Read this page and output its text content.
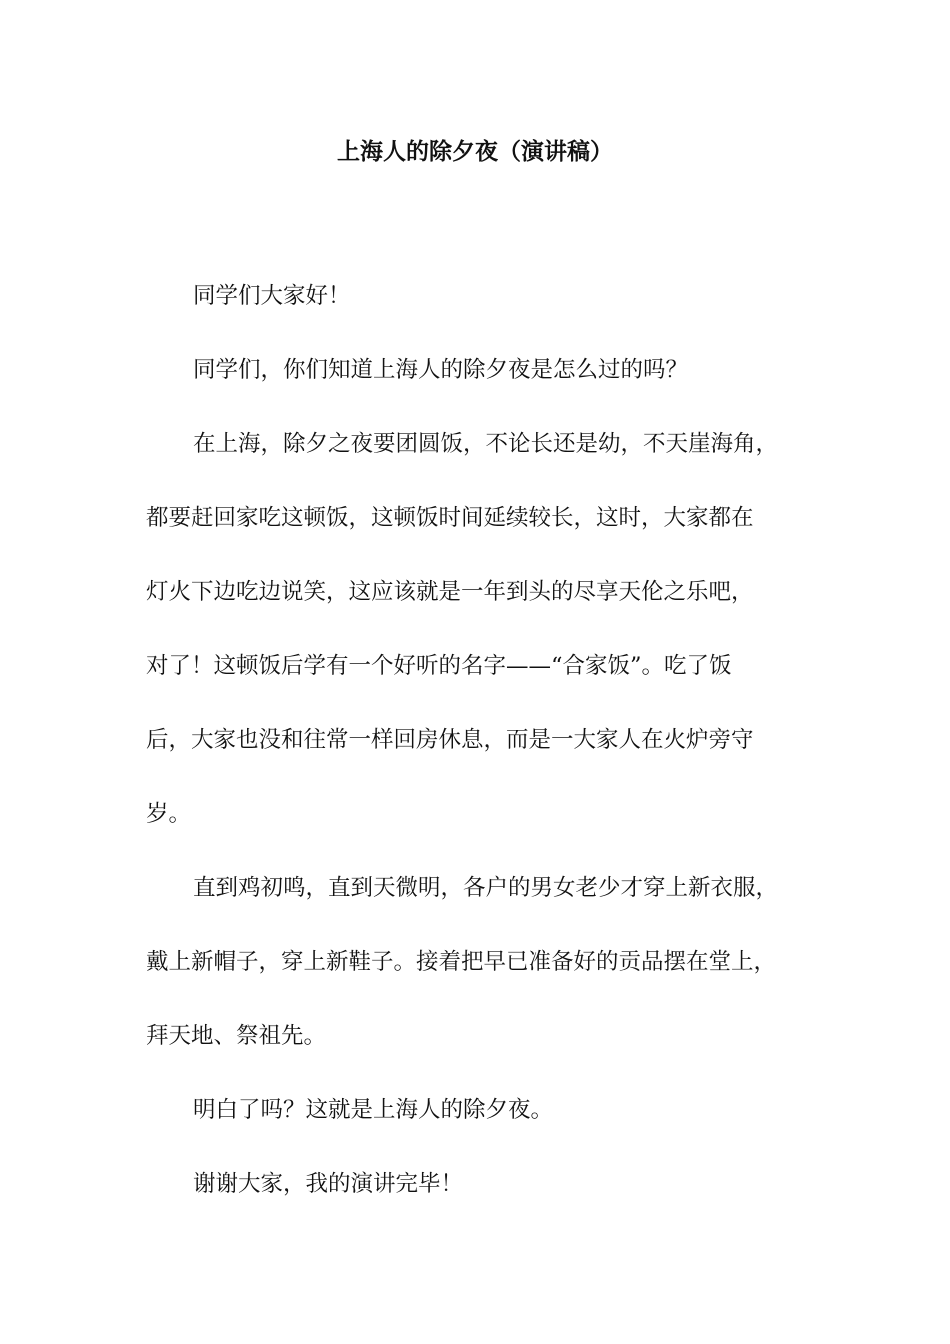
上海人的除夕夜（演讲稿）
同学们大家好！
同学们，你们知道上海人的除夕夜是怎么过的吗？
在上海，除夕之夜要团圆饭，不论长还是幼，不天崖海角，
都要赶回家吃这顿饭，这顿饭时间延续较长，这时，大家都在
灯火下边吃边说笑，这应该就是一年到头的尽享天伦之乐吧，
对了！这顿饭后学有一个好听的名字——“合家饭”。吃了饭
后，大家也没和往常一样回房休息，而是一大家人在火炉旁守
岁。
直到鸡初鸣，直到天微明，各户的男女老少才穿上新衣服，
戴上新帽子，穿上新鞋子。接着把早已准备好的贡品摆在堂上，
拜天地、祭祖先。
明白了吗？这就是上海人的除夕夜。
谢谢大家，我的演讲完毕！
